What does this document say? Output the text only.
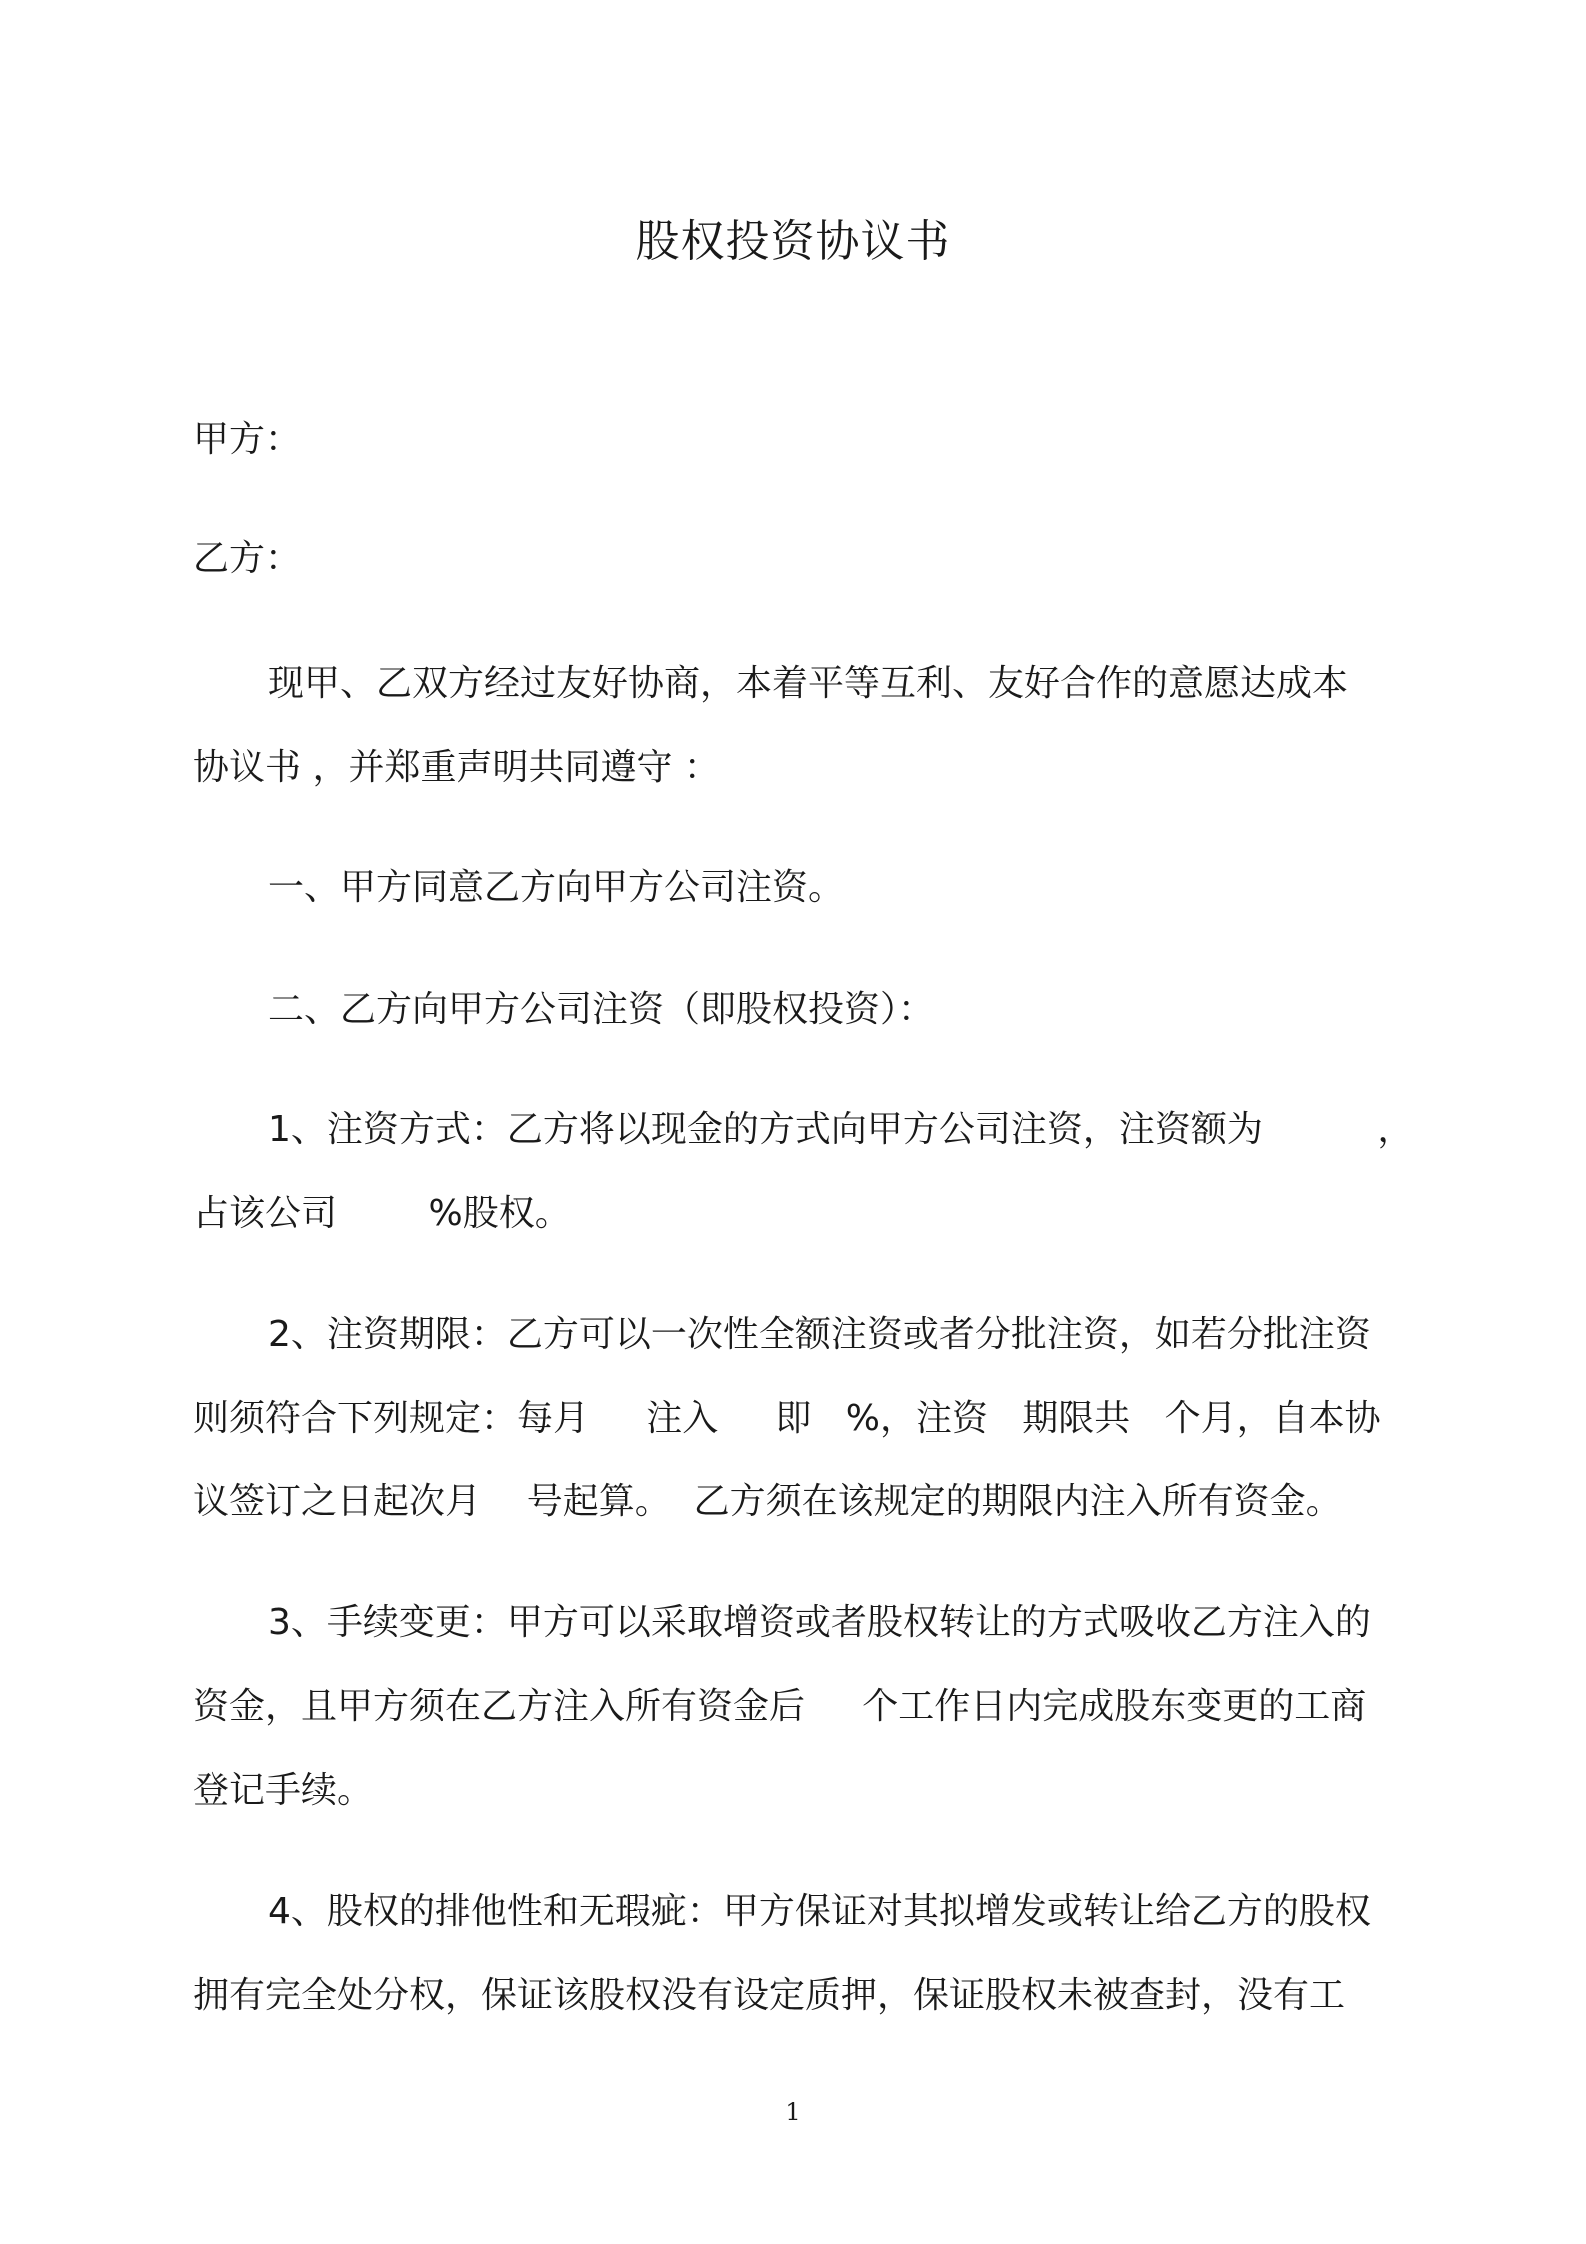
股权投资协议书
甲方：
乙方：
现甲、乙双方经过友好协商，本着平等互利、友好合作的意愿达成本
协议书 ，并郑重声明共同遵守 ：
一、甲方同意乙方向甲方公司注资。
二、乙方向甲方公司注资（即股权投资）：
1、注资方式：乙方将以现金的方式向甲方公司注资，注资额为          ，
占该公司        %股权。
2、注资期限：乙方可以一次性全额注资或者分批注资，如若分批注资
则须符合下列规定：每月     注入     即   %，注资   期限共   个月，自本协
议签订之日起次月    号起算。  乙方须在该规定的期限内注入所有资金。
3、手续变更：甲方可以采取增资或者股权转让的方式吸收乙方注入的
资金，且甲方须在乙方注入所有资金后     个工作日内完成股东变更的工商
登记手续。
4、股权的排他性和无瑕疵：甲方保证对其拟增发或转让给乙方的股权
拥有完全处分权，保证该股权没有设定质押，保证股权未被查封，没有工
1
